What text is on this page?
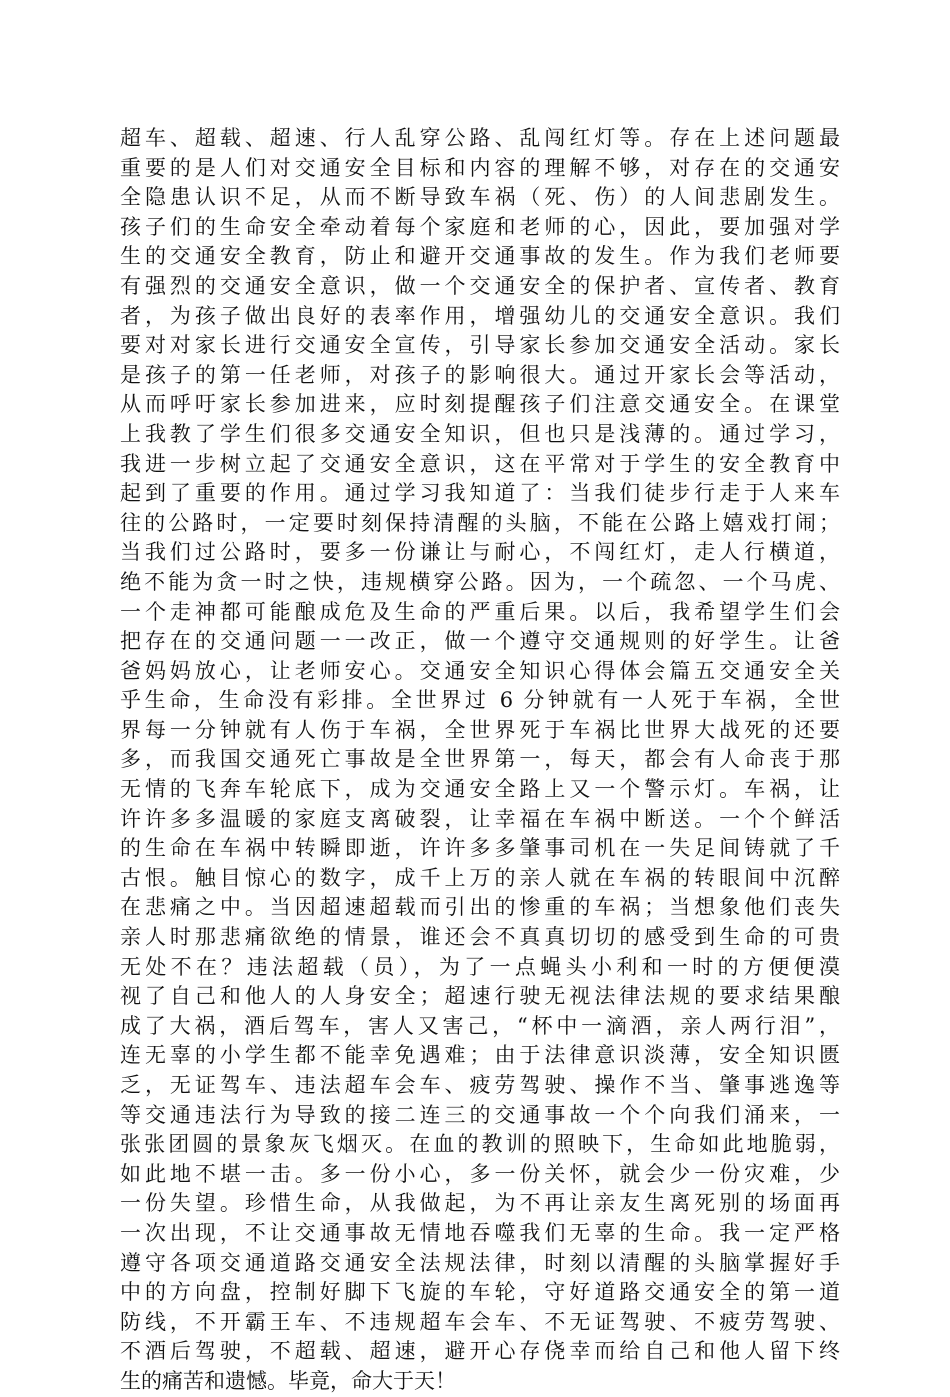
超车、超载、超速、行人乱穿公路、乱闯红灯等。存在上述问题最
重要的是人们对交通安全目标和内容的理解不够，对存在的交通安
全隐患认识不足，从而不断导致车祸（死、伤）的人间悲剧发生。
孩子们的生命安全牵动着每个家庭和老师的心，因此，要加强对学
生的交通安全教育，防止和避开交通事故的发生。作为我们老师要
有强烈的交通安全意识，做一个交通安全的保护者、宣传者、教育
者，为孩子做出良好的表率作用，增强幼儿的交通安全意识。我们
要对对家长进行交通安全宣传，引导家长参加交通安全活动。家长
是孩子的第一任老师，对孩子的影响很大。通过开家长会等活动，
从而呼吁家长参加进来，应时刻提醒孩子们注意交通安全。在课堂
上我教了学生们很多交通安全知识，但也只是浅薄的。通过学习，
我进一步树立起了交通安全意识，这在平常对于学生的安全教育中
起到了重要的作用。通过学习我知道了：当我们徒步行走于人来车
往的公路时，一定要时刻保持清醒的头脑，不能在公路上嬉戏打闹；
当我们过公路时，要多一份谦让与耐心，不闯红灯，走人行横道，
绝不能为贪一时之快，违规横穿公路。因为，一个疏忽、一个马虎、
一个走神都可能酿成危及生命的严重后果。以后，我希望学生们会
把存在的交通问题一一改正，做一个遵守交通规则的好学生。让爸
爸妈妈放心，让老师安心。交通安全知识心得体会篇五交通安全关
乎生命，生命没有彩排。全世界过 6 分钟就有一人死于车祸，全世
界每一分钟就有人伤于车祸，全世界死于车祸比世界大战死的还要
多，而我国交通死亡事故是全世界第一，每天，都会有人命丧于那
无情的飞奔车轮底下，成为交通安全路上又一个警示灯。车祸，让
许许多多温暖的家庭支离破裂，让幸福在车祸中断送。一个个鲜活
的生命在车祸中转瞬即逝，许许多多肇事司机在一失足间铸就了千
古恨。触目惊心的数字，成千上万的亲人就在车祸的转眼间中沉醉
在悲痛之中。当因超速超载而引出的惨重的车祸；当想象他们丧失
亲人时那悲痛欲绝的情景，谁还会不真真切切的感受到生命的可贵
无处不在？违法超载（员），为了一点蝇头小利和一时的方便便漠
视了自己和他人的人身安全；超速行驶无视法律法规的要求结果酿
成了大祸，酒后驾车，害人又害己，“杯中一滴酒，亲人两行泪”，
连无辜的小学生都不能幸免遇难；由于法律意识淡薄，安全知识匮
乏，无证驾车、违法超车会车、疲劳驾驶、操作不当、肇事逃逸等
等交通违法行为导致的接二连三的交通事故一个个向我们涌来，一
张张团圆的景象灰飞烟灭。在血的教训的照映下，生命如此地脆弱，
如此地不堪一击。多一份小心，多一份关怀，就会少一份灾难，少
一份失望。珍惜生命，从我做起，为不再让亲友生离死别的场面再
一次出现，不让交通事故无情地吞噬我们无辜的生命。我一定严格
遵守各项交通道路交通安全法规法律，时刻以清醒的头脑掌握好手
中的方向盘，控制好脚下飞旋的车轮，守好道路交通安全的第一道
防线，不开霸王车、不违规超车会车、不无证驾驶、不疲劳驾驶、
不酒后驾驶，不超载、超速，避开心存侥幸而给自己和他人留下终
生的痛苦和遗憾。毕竟，命大于天！
